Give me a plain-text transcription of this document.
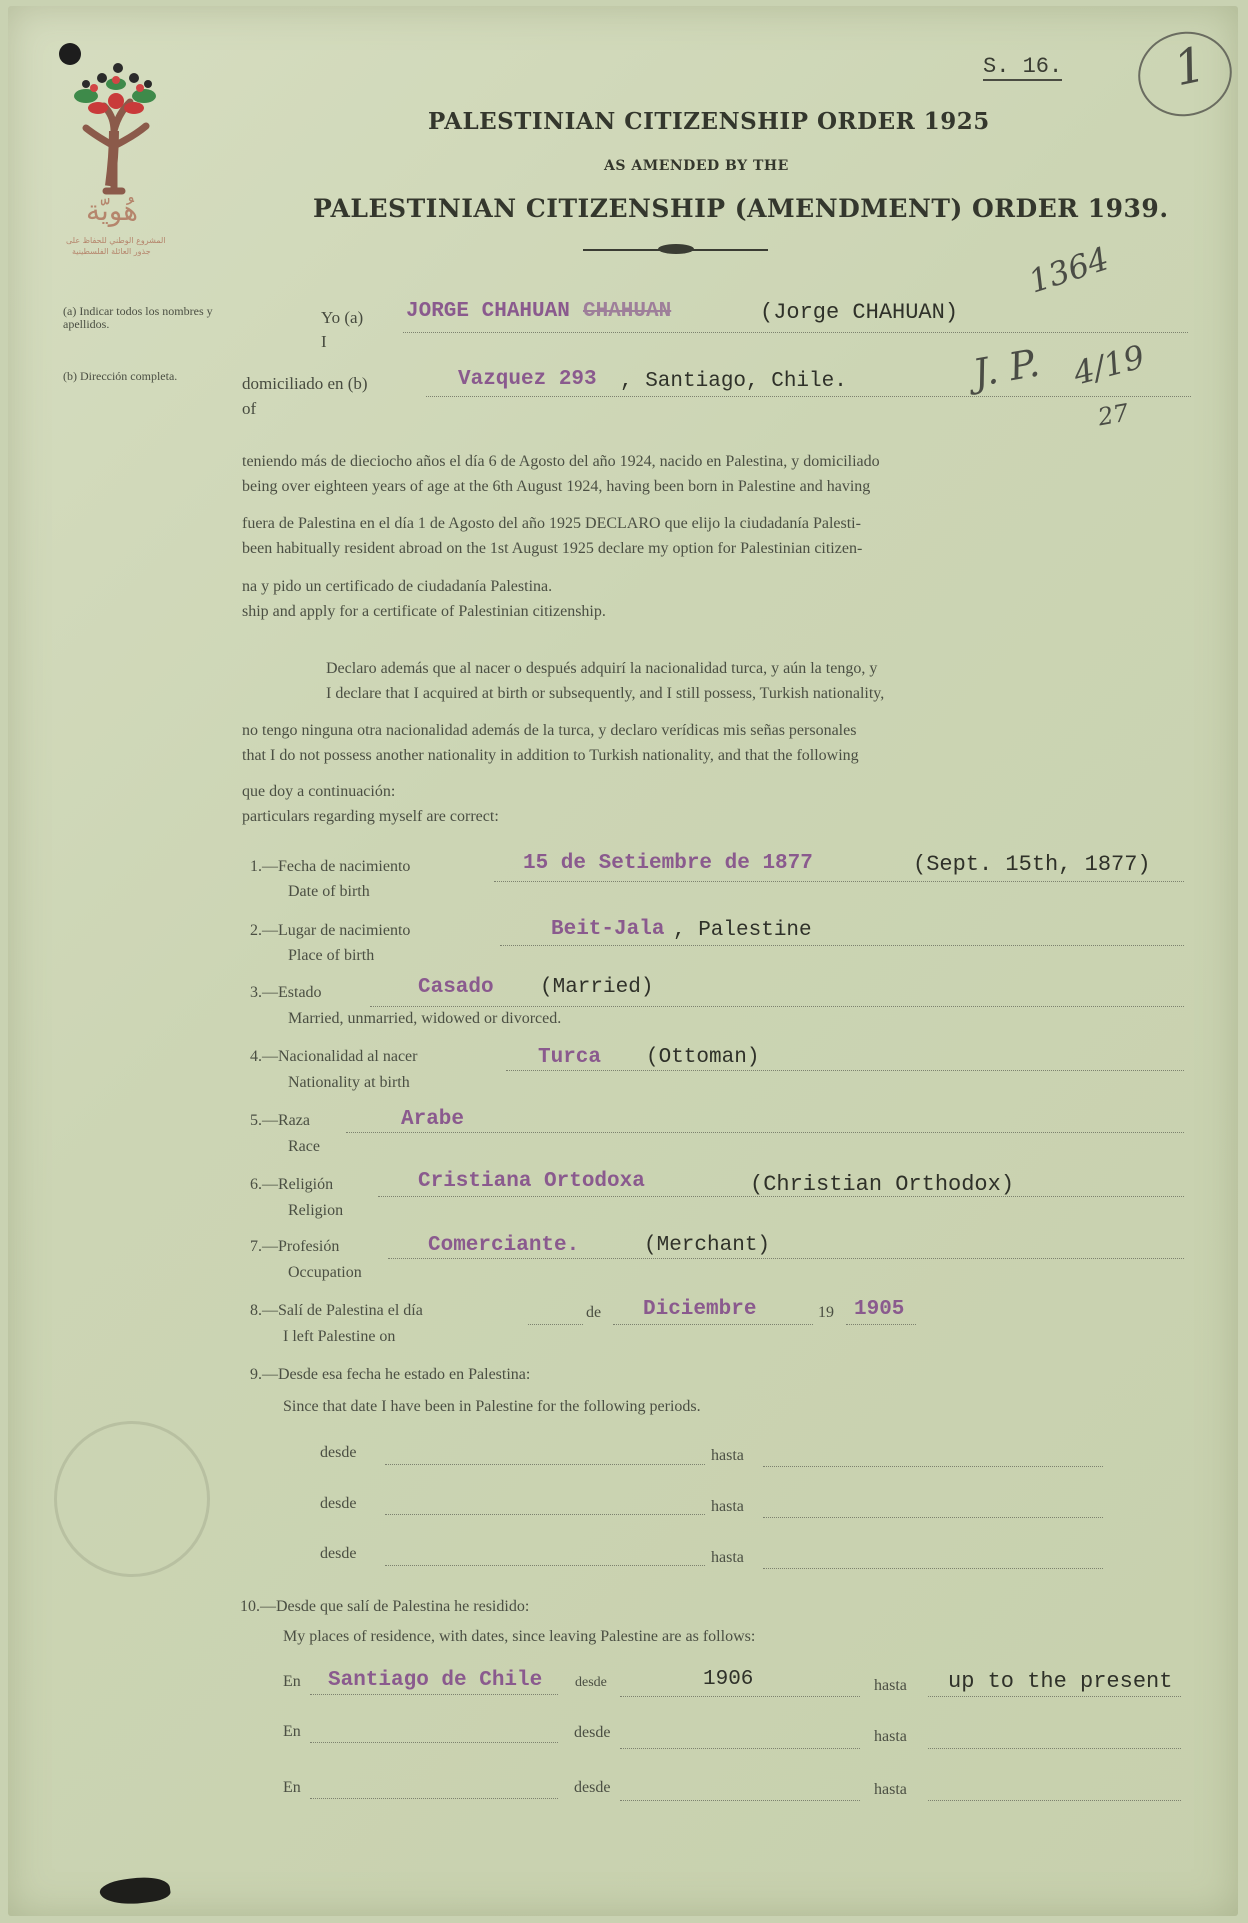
هُويّة
المشروع الوطني للحفاظ على
جذور العائلة الفلسطينية
S. 16. 1
PALESTINIAN CITIZENSHIP ORDER 1925
AS AMENDED BY THE
PALESTINIAN CITIZENSHIP (AMENDMENT) ORDER 1939.
(a) Indicar todos los nombres y apellidos.
(b) Dirección completa.
Yo (a)
I
JORGE CHAHUAN CHAHUAN	(Jorge CHAHUAN)
1364
J. P. 4/19
27
domiciliado en (b)
of
Vazquez 293 , Santiago, Chile.
teniendo más de dieciocho años el día 6 de Agosto del año 1924, nacido en Palestina, y domiciliado
being over eighteen years of age at the 6th August 1924, having been born in Palestine and having
fuera de Palestina en el día 1 de Agosto del año 1925 DECLARO que elijo la ciudadanía Palesti-
been habitually resident abroad on the 1st August 1925 declare my option for Palestinian citizen-
na y pido un certificado de ciudadanía Palestina.
ship and apply for a certificate of Palestinian citizenship.
Declaro además que al nacer o después adquirí la nacionalidad turca, y aún la tengo, y
I declare that I acquired at birth or subsequently, and I still possess, Turkish nationality,
no tengo ninguna otra nacionalidad además de la turca, y declaro verídicas mis señas personales
that I do not possess another nationality in addition to Turkish nationality, and that the following
que doy a continuación:
particulars regarding myself are correct:
1.—Fecha de nacimiento
Date of birth
15 de Setiembre de 1877	(Sept. 15th, 1877)
2.—Lugar de nacimiento
Place of birth
Beit-Jala , Palestine
3.—Estado
Married, unmarried, widowed or divorced.
Casado (Married)
4.—Nacionalidad al nacer
Nationality at birth
Turca (Ottoman)
5.—Raza
Race
Arabe
6.—Religión
Religion
Cristiana Ortodoxa	(Christian Orthodox)
7.—Profesión
Occupation
Comerciante.	(Merchant)
8.—Salí de Palestina el día	de	19
I left Palestine on
Diciembre	1905
9.—Desde esa fecha he estado en Palestina:
Since that date I have been in Palestine for the following periods.
desde	hasta
desde	hasta
desde	hasta
10.—Desde que salí de Palestina he residido:
My places of residence, with dates, since leaving Palestine are as follows:
En Santiago de Chile desde	1906	hasta up to the present
En	desde	hasta
En	desde	hasta
